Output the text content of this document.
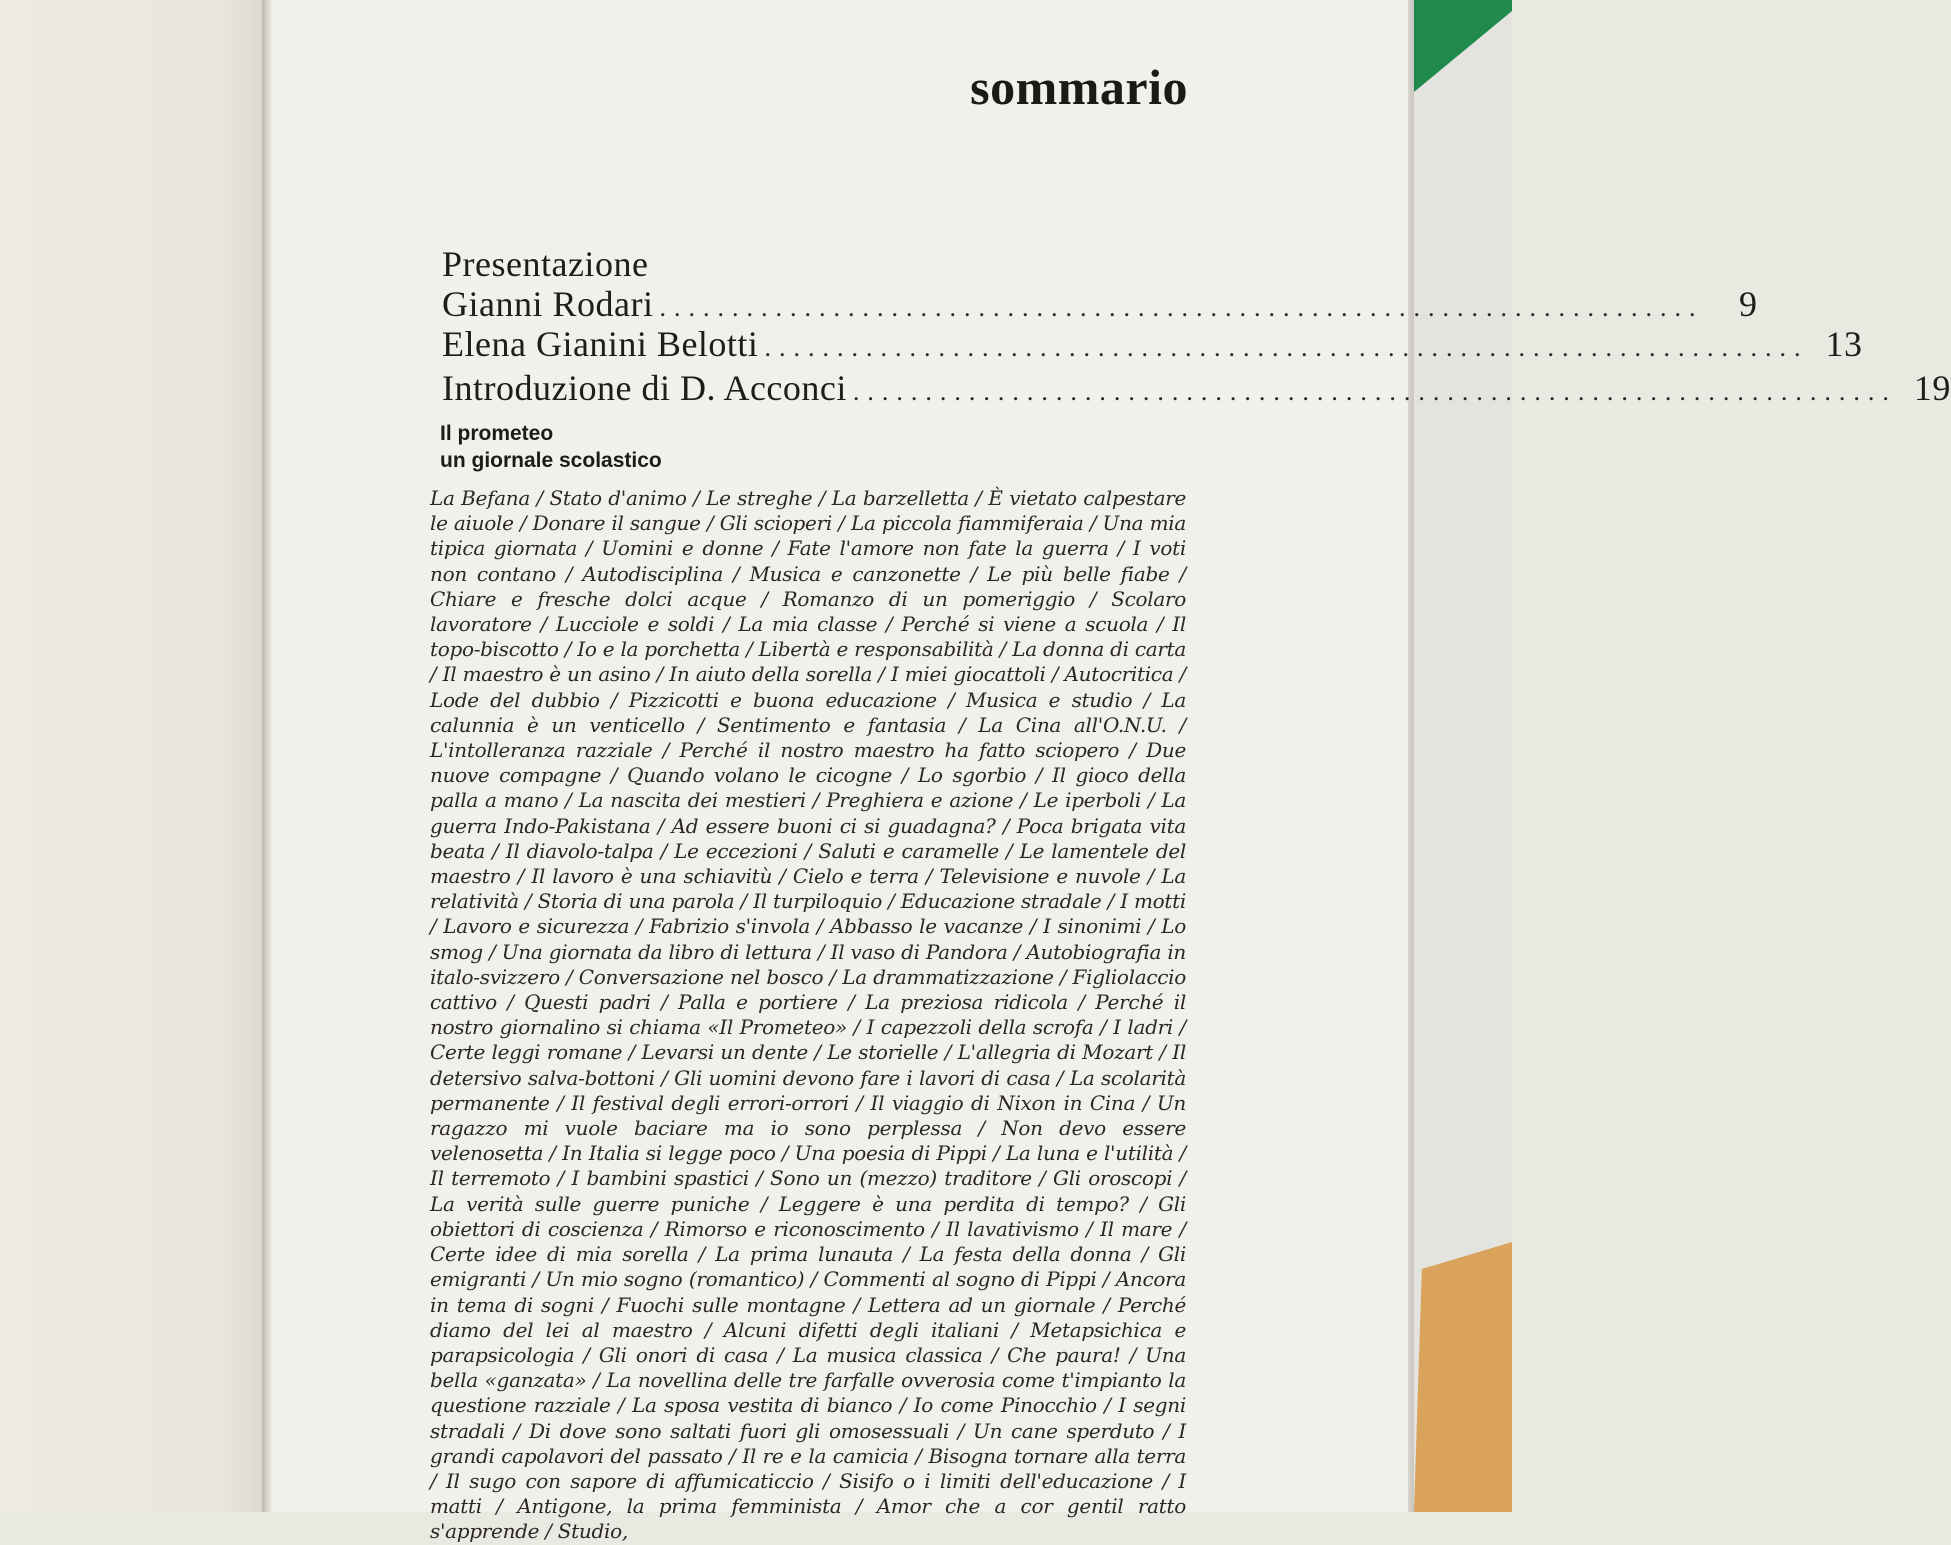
sommario
Presentazione
Gianni Rodari ........................................................................ 9
Elena Gianini Belotti ........................................................................ 13
Introduzione di D. Acconci ........................................................................ 19
Il prometeo
un giornale scolastico
La Befana / Stato d'animo / Le streghe / La barzelletta / È vietato calpestare le aiuole / Donare il sangue / Gli scioperi / La piccola fiammiferaia / Una mia tipica giornata / Uomini e donne / Fate l'amore non fate la guerra / I voti non contano / Autodisciplina / Musica e canzonette / Le più belle fiabe / Chiare e fresche dolci acque / Romanzo di un pomeriggio / Scolaro lavoratore / Lucciole e soldi / La mia classe / Perché si viene a scuola / Il topo-biscotto / Io e la porchetta / Libertà e responsabilità / La donna di carta / Il maestro è un asino / In aiuto della sorella / I miei giocattoli / Autocritica / Lode del dubbio / Pizzicotti e buona educazione / Musica e studio / La calunnia è un venticello / Sentimento e fantasia / La Cina all'O.N.U. / L'intolleranza razziale / Perché il nostro maestro ha fatto sciopero / Due nuove compagne / Quando volano le cicogne / Lo sgorbio / Il gioco della palla a mano / La nascita dei mestieri / Preghiera e azione / Le iperboli / La guerra Indo-Pakistana / Ad essere buoni ci si guadagna? / Poca brigata vita beata / Il diavolo-talpa / Le eccezioni / Saluti e caramelle / Le lamentele del maestro / Il lavoro è una schiavitù / Cielo e terra / Televisione e nuvole / La relatività / Storia di una parola / Il turpiloquio / Educazione stradale / I motti / Lavoro e sicurezza / Fabrizio s'invola / Abbasso le vacanze / I sinonimi / Lo smog / Una giornata da libro di lettura / Il vaso di Pandora / Autobiografia in italo-svizzero / Conversazione nel bosco / La drammatizzazione / Figliolaccio cattivo / Questi padri / Palla e portiere / La preziosa ridicola / Perché il nostro giornalino si chiama «Il Prometeo» / I capezzoli della scrofa / I ladri / Certe leggi romane / Levarsi un dente / Le storielle / L'allegria di Mozart / Il detersivo salva-bottoni / Gli uomini devono fare i lavori di casa / La scolarità permanente / Il festival degli errori-orrori / Il viaggio di Nixon in Cina / Un ragazzo mi vuole baciare ma io sono perplessa / Non devo essere velenosetta / In Italia si legge poco / Una poesia di Pippi / La luna e l'utilità / Il terremoto / I bambini spastici / Sono un (mezzo) traditore / Gli oroscopi / La verità sulle guerre puniche / Leggere è una perdita di tempo? / Gli obiettori di coscienza / Rimorso e riconoscimento / Il lavativismo / Il mare / Certe idee di mia sorella / La prima lunauta / La festa della donna / Gli emigranti / Un mio sogno (romantico) / Commenti al sogno di Pippi / Ancora in tema di sogni / Fuochi sulle montagne / Lettera ad un giornale / Perché diamo del lei al maestro / Alcuni difetti degli italiani / Metapsichica e parapsicologia / Gli onori di casa / La musica classica / Che paura! / Una bella «ganzata» / La novellina delle tre farfalle ovverosia come t'impianto la questione razziale / La sposa vestita di bianco / Io come Pinocchio / I segni stradali / Di dove sono saltati fuori gli omosessuali / Un cane sperduto / I grandi capolavori del passato / Il re e la camicia / Bisogna tornare alla terra / Il sugo con sapore di affumicaticcio / Sisifo o i limiti dell'educazione / I matti / Antigone, la prima femminista / Amor che a cor gentil ratto s'apprende / Studio,
